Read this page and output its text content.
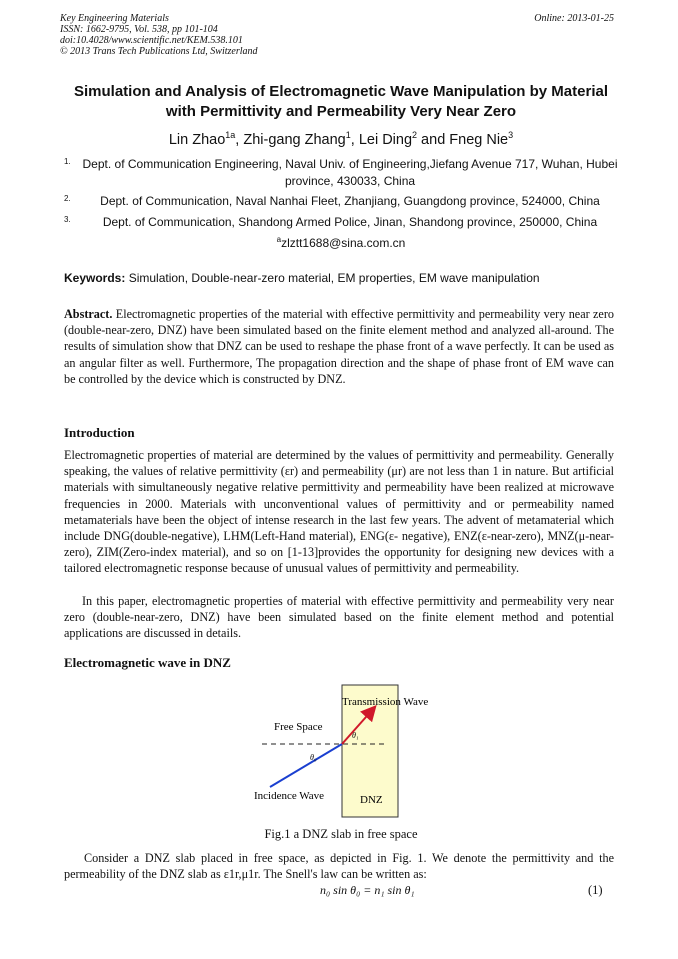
Key Engineering Materials
ISSN: 1662-9795, Vol. 538, pp 101-104
doi:10.4028/www.scientific.net/KEM.538.101
© 2013 Trans Tech Publications Ltd, Switzerland
Online: 2013-01-25
Simulation and Analysis of Electromagnetic Wave Manipulation by Material with Permittivity and Permeability Very Near Zero
Lin Zhao$^{1a}$, Zhi-gang Zhang$^1$, Lei Ding$^2$ and Fneg Nie$^3$
1. Dept. of Communication Engineering, Naval Univ. of Engineering,Jiefang Avenue 717, Wuhan, Hubei province, 430033, China
2.	Dept. of Communication, Naval Nanhai Fleet, Zhanjiang, Guangdong province, 524000, China
3.	Dept. of Communication, Shandong Armed Police, Jinan, Shandong province, 250000, China
$^a$zlztt1688@sina.com.cn
Keywords: Simulation, Double-near-zero material, EM properties, EM wave manipulation
Abstract. Electromagnetic properties of the material with effective permittivity and permeability very near zero (double-near-zero, DNZ) have been simulated based on the finite element method and analyzed all-around. The results of simulation show that DNZ can be used to reshape the phase front of a wave perfectly. It can be used as an angular filter as well. Furthermore, The propagation direction and the shape of phase front of EM wave can be controlled by the device which is constructed by DNZ.
Introduction
Electromagnetic properties of material are determined by the values of permittivity and permeability. Generally speaking, the values of relative permittivity (εr) and permeability (μr) are not less than 1 in nature. But artificial materials with simultaneously negative relative permittivity and permeability have been realized at microwave frequencies in 2000. Materials with unconventional values of permittivity and or permeability named metamaterials have been the object of intense research in the last few years. The advent of metamaterial which include DNG(double-negative), LHM(Left-Hand material), ENG(ε- negative), ENZ(ε-near-zero), MNZ(μ-near-zero), ZIM(Zero-index material), and so on [1-13]provides the opportunity for designing new devices with a tailored electromagnetic response because of unusual values of permittivity and permeability.
In this paper, electromagnetic properties of material with effective permittivity and permeability very near zero (double-near-zero, DNZ) have been simulated based on the finite element method and potential applications are discussed in details.
Electromagnetic wave in DNZ
Transmission Wave
Free Space
Incidence Wave	DNZ
θ₀
θ₁
Fig.1 a DNZ slab in free space
Consider a DNZ slab placed in free space, as depicted in Fig. 1. We denote the permittivity and the permeability of the DNZ slab as ε1r,μ1r. The Snell's law can be written as:
n₀ sin θ₀ = n₁ sin θ₁	(1)
